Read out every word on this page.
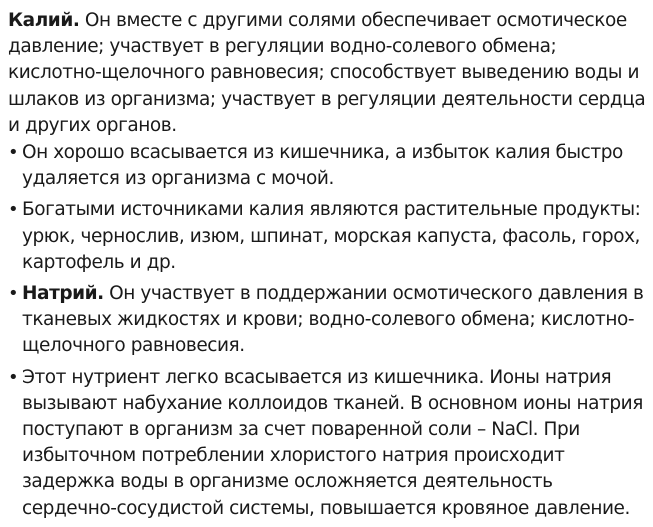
Калий. Он вместе с другими солями обеспечивает осмотическое давление; участвует в регуляции водно-солевого обмена; кислотно-щелочного равновесия; способствует выведению воды и шлаков из организма; участвует в регуляции деятельности сердца и других органов.

• Он хорошо всасывается из кишечника, а избыток калия быстро удаляется из организма с мочой.
• Богатыми источниками калия являются растительные продукты: урюк, чернослив, изюм, шпинат, морская капуста, фасоль, горох, картофель и др.
• Натрий. Он участвует в поддержании осмотического давления в тканевых жидкостях и крови; водно-солевого обмена; кислотно-щелочного равновесия.
• Этот нутриент легко всасывается из кишечника. Ионы натрия вызывают набухание коллоидов тканей. В основном ионы натрия поступают в организм за счет поваренной соли – NaCl. При избыточном потреблении хлористого натрия происходит задержка воды в организме осложняется деятельность сердечно-сосудистой системы, повышается кровяное давление.
